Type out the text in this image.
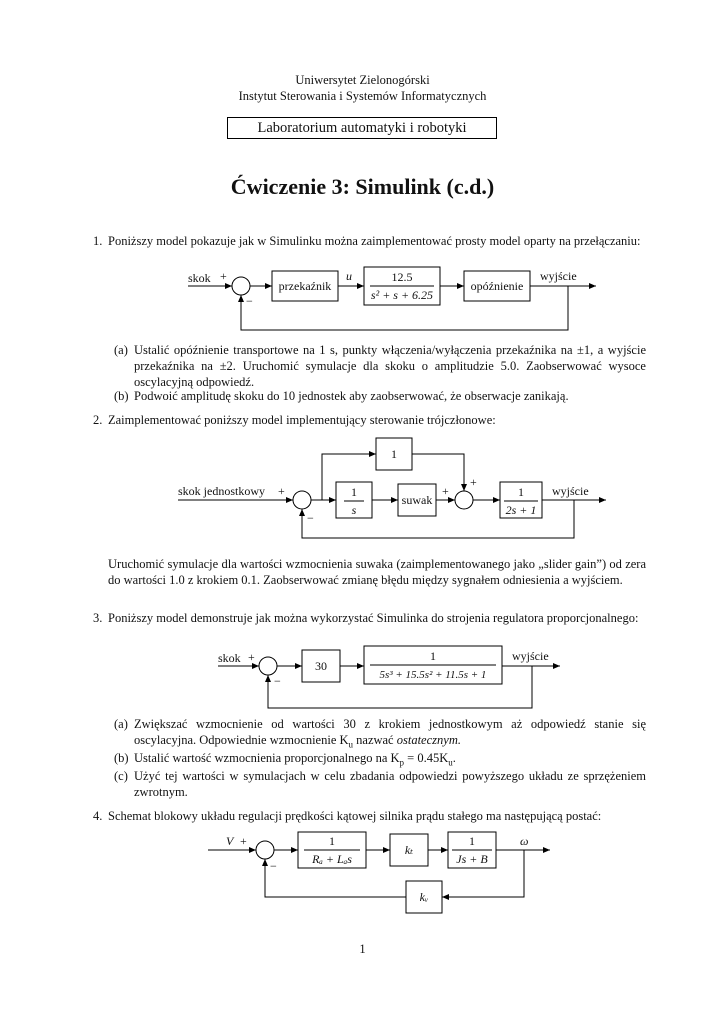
Uniwersytet Zielonogórski
Instytut Sterowania i Systemów Informatycznych
Laboratorium automatyki i robotyki
Ćwiczenie 3: Simulink (c.d.)
1. Poniższy model pokazuje jak w Simulinku można zaimplementować prosty model oparty na przełączaniu:
skok +
−
przekaźnik
u	12.5
s² + s + 6.25
opóźnienie
wyjście
(a) Ustalić opóźnienie transportowe na 1 s, punkty włączenia/wyłączenia przekaźnika na ±1, a wyjście przekaźnika na ±2. Uruchomić symulacje dla skoku o amplitudzie 5.0. Zaobserwować wysoce oscylacyjną odpowiedź.
(b) Podwoić amplitudę skoku do 10 jednostek aby zaobserwować, że obserwacje zanikają.
2. Zaimplementować poniższy model implementujący sterowanie trójczłonowe:
skok jednostkowy +
−
1
+
1
s
suwak
+	1
2s + 1
wyjście
Uruchomić symulacje dla wartości wzmocnienia suwaka (zaimplementowanego jako „slider gain”) od zera do wartości 1.0 z krokiem 0.1. Zaobserwować zmianę błędu między sygnałem odniesienia a wyjściem.
3. Poniższy model demonstruje jak można wykorzystać Simulinka do strojenia regulatora proporcjonalnego:
skok +
−
30
1
5s³ + 15.5s² + 11.5s + 1
wyjście
(a) Zwiększać wzmocnienie od wartości 30 z krokiem jednostkowym aż odpowiedź stanie się oscylacyjna. Odpowiednie wzmocnienie $K_u$ nazwać ostatecznym.
(b) Ustalić wartość wzmocnienia proporcjonalnego na $K_p = 0.45K_u$.
(c) Użyć tej wartości w symulacjach w celu zbadania odpowiedzi powyższego układu ze sprzężeniem zwrotnym.
4. Schemat blokowy układu regulacji prędkości kątowej silnika prądu stałego ma następującą postać:
V +
−
1
Rₐ + Lₐs
kₜ
1
Js + B
ω
kᵥ
1
